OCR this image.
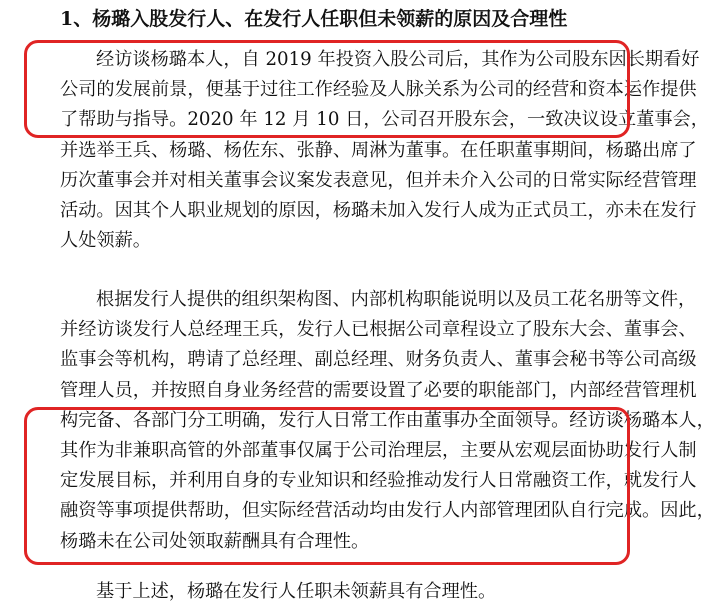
1、杨璐入股发行人、在发行人任职但未领薪的原因及合理性
经访谈杨璐本人，自 2019 年投资入股公司后，其作为公司股东因长期看好
公司的发展前景，便基于过往工作经验及人脉关系为公司的经营和资本运作提供
了帮助与指导。2020 年 12 月 10 日，公司召开股东会，一致决议设立董事会，
并选举王兵、杨璐、杨佐东、张静、周淋为董事。在任职董事期间，杨璐出席了
历次董事会并对相关董事会议案发表意见，但并未介入公司的日常实际经营管理
活动。因其个人职业规划的原因，杨璐未加入发行人成为正式员工，亦未在发行
人处领薪。
根据发行人提供的组织架构图、内部机构职能说明以及员工花名册等文件，
并经访谈发行人总经理王兵，发行人已根据公司章程设立了股东大会、董事会、
监事会等机构，聘请了总经理、副总经理、财务负责人、董事会秘书等公司高级
管理人员，并按照自身业务经营的需要设置了必要的职能部门，内部经营管理机
构完备、各部门分工明确，发行人日常工作由董事办全面领导。经访谈杨璐本人，
其作为非兼职高管的外部董事仅属于公司治理层，主要从宏观层面协助发行人制
定发展目标，并利用自身的专业知识和经验推动发行人日常融资工作，就发行人
融资等事项提供帮助，但实际经营活动均由发行人内部管理团队自行完成。因此，
杨璐未在公司处领取薪酬具有合理性。
基于上述，杨璐在发行人任职未领薪具有合理性。
